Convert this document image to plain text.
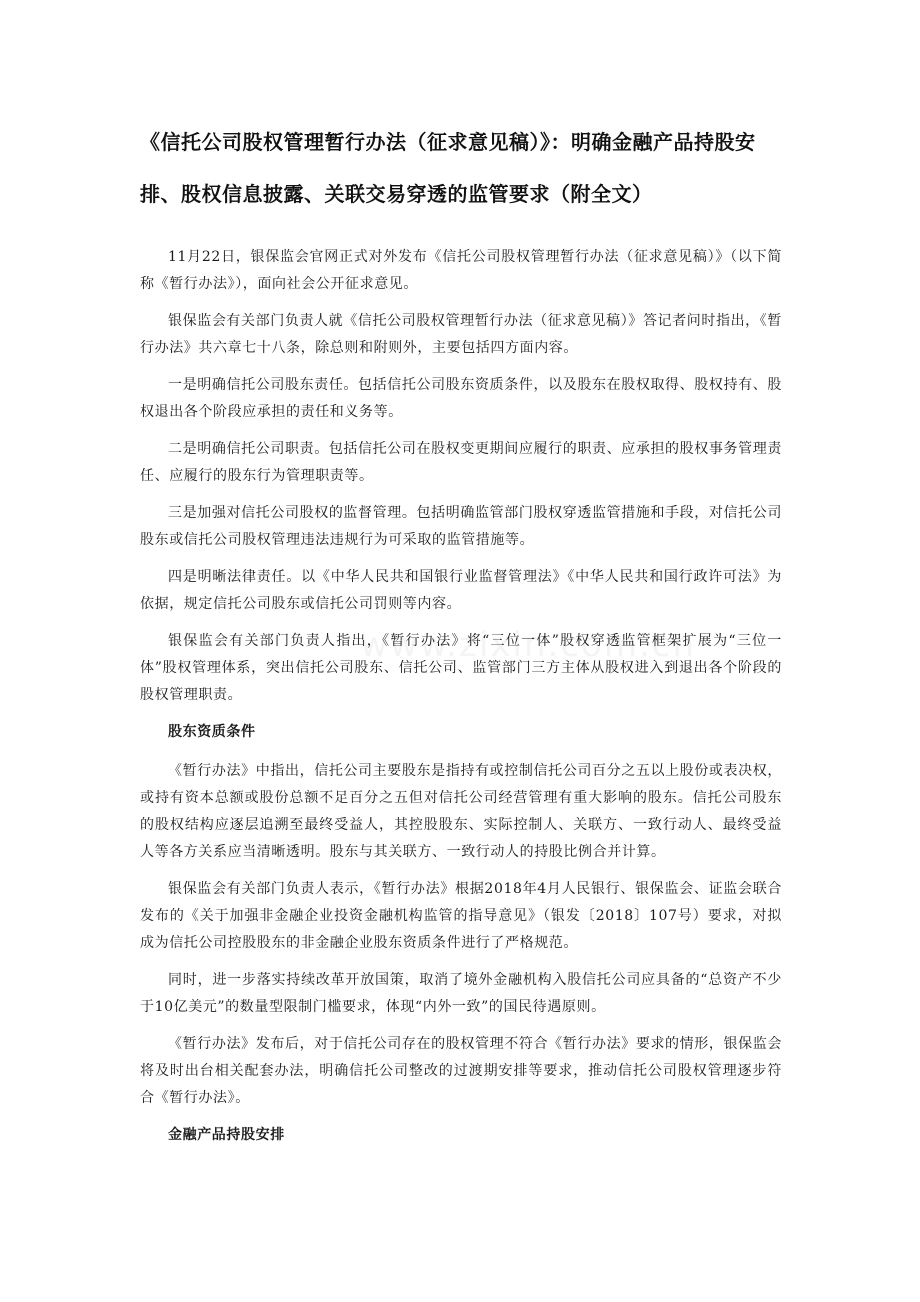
《信托公司股权管理暂行办法（征求意见稿）》：明确金融产品持股安排、股权信息披露、关联交易穿透的监管要求（附全文）

11月22日，银保监会官网正式对外发布《信托公司股权管理暂行办法（征求意见稿）》（以下简称《暂行办法》），面向社会公开征求意见。

银保监会有关部门负责人就《信托公司股权管理暂行办法（征求意见稿）》答记者问时指出，《暂行办法》共六章七十八条，除总则和附则外，主要包括四方面内容。

一是明确信托公司股东责任。包括信托公司股东资质条件，以及股东在股权取得、股权持有、股权退出各个阶段应承担的责任和义务等。

二是明确信托公司职责。包括信托公司在股权变更期间应履行的职责、应承担的股权事务管理责任、应履行的股东行为管理职责等。

三是加强对信托公司股权的监督管理。包括明确监管部门股权穿透监管措施和手段，对信托公司股东或信托公司股权管理违法违规行为可采取的监管措施等。

四是明晰法律责任。以《中华人民共和国银行业监督管理法》《中华人民共和国行政许可法》为依据，规定信托公司股东或信托公司罚则等内容。

银保监会有关部门负责人指出，《暂行办法》将“三位一体”股权穿透监管框架扩展为“三位一体”股权管理体系，突出信托公司股东、信托公司、监管部门三方主体从股权进入到退出各个阶段的股权管理职责。

股东资质条件

《暂行办法》中指出，信托公司主要股东是指持有或控制信托公司百分之五以上股份或表决权，或持有资本总额或股份总额不足百分之五但对信托公司经营管理有重大影响的股东。信托公司股东的股权结构应逐层追溯至最终受益人，其控股股东、实际控制人、关联方、一致行动人、最终受益人等各方关系应当清晰透明。股东与其关联方、一致行动人的持股比例合并计算。

银保监会有关部门负责人表示，《暂行办法》根据2018年4月人民银行、银保监会、证监会联合发布的《关于加强非金融企业投资金融机构监管的指导意见》（银发〔2018〕107号）要求，对拟成为信托公司控股股东的非金融企业股东资质条件进行了严格规范。

同时，进一步落实持续改革开放国策，取消了境外金融机构入股信托公司应具备的“总资产不少于10亿美元”的数量型限制门槛要求，体现“内外一致”的国民待遇原则。

《暂行办法》发布后，对于信托公司存在的股权管理不符合《暂行办法》要求的情形，银保监会将及时出台相关配套办法，明确信托公司整改的过渡期安排等要求，推动信托公司股权管理逐步符合《暂行办法》。

金融产品持股安排
